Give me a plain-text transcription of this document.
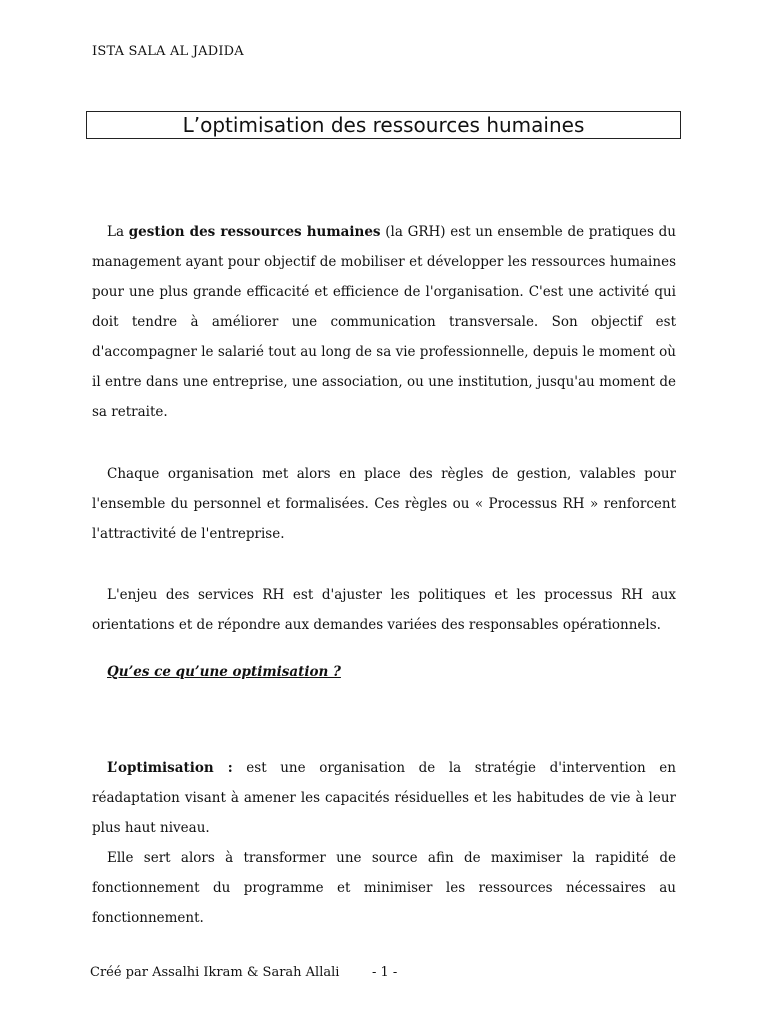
ISTA SALA AL JADIDA
L’optimisation des ressources humaines
La gestion des ressources humaines (la GRH) est un ensemble de pratiques du management ayant pour objectif de mobiliser et développer les ressources humaines pour une plus grande efficacité et efficience de l'organisation. C'est une activité qui doit tendre à améliorer une communication transversale. Son objectif est d'accompagner le salarié tout au long de sa vie professionnelle, depuis le moment où il entre dans une entreprise, une association, ou une institution, jusqu'au moment de sa retraite.
Chaque organisation met alors en place des règles de gestion, valables pour l'ensemble du personnel et formalisées. Ces règles ou « Processus RH » renforcent l'attractivité de l'entreprise.
L'enjeu des services RH est d'ajuster les politiques et les processus RH aux orientations et de répondre aux demandes variées des responsables opérationnels.
Qu’es ce qu’une optimisation ?
L’optimisation : est une organisation de la stratégie d'intervention en réadaptation visant à amener les capacités résiduelles et les habitudes de vie à leur plus haut niveau.
Elle sert alors à transformer une source afin de maximiser la rapidité de fonctionnement du programme et minimiser les ressources nécessaires au fonctionnement.
Créé par Assalhi Ikram & Sarah Allali	- 1 -
